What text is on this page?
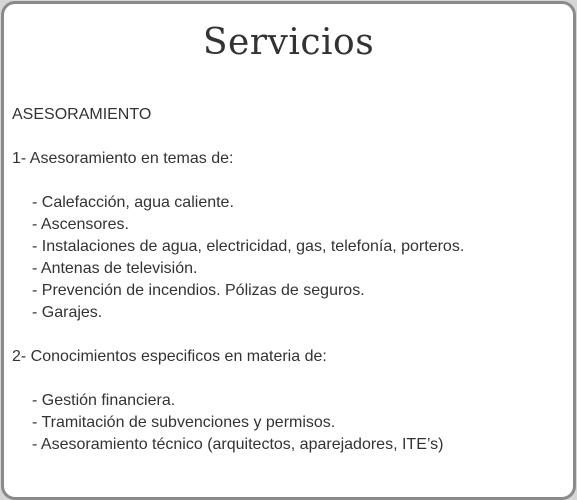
Servicios

ASESORAMIENTO

1- Asesoramiento en temas de:

- Calefacción, agua caliente.
- Ascensores.
- Instalaciones de agua, electricidad, gas, telefonía, porteros.
- Antenas de televisión.
- Prevención de incendios. Pólizas de seguros.
- Garajes.

2- Conocimientos especificos en materia de:

- Gestión financiera.
- Tramitación de subvenciones y permisos.
- Asesoramiento técnico (arquitectos, aparejadores, ITE’s)
